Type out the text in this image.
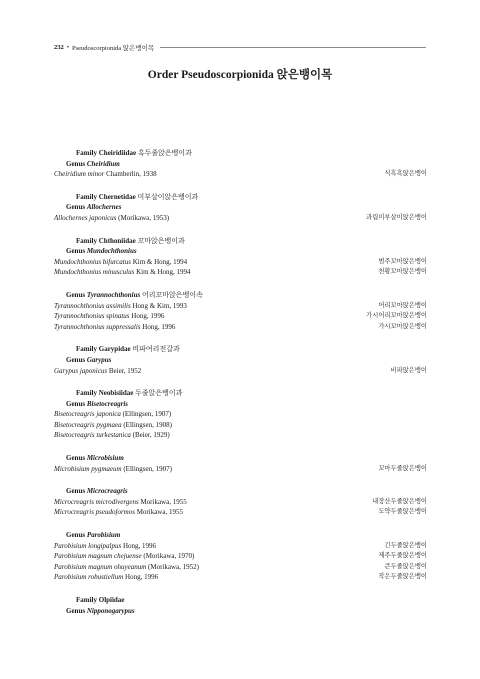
232 • Pseudoscorpionida 앉은뱅이목
Order Pseudoscorpionida 앉은뱅이목
Family Cheiridiidae 흑두줄앉은뱅이과
Genus Cheiridium
Cheiridium minor Chamberlin, 1938	식흑흑앉은뱅이
Family Chernetidae 미부살이앉은뱅이과
Genus Allochernes
Allochernes japonicus (Morikawa, 1953)	과립미부살이앉은뱅이
Family Chthoniidae 꼬마앉은뱅이과
Genus Mundochthonius
Mundochthonius bifurcatus Kim & Hong, 1994	범주꼬마앉은뱅이
Mundochthonius minusculus Kim & Hong, 1994	천황꼬마앉은뱅이
Genus Tyrannochthonius 어리꼬마앉은뱅이속
Tyrannochthonius assimilis Hong & Kim, 1993	어리꼬마앉은뱅이
Tyrannochthonius spinatus Hong, 1996	가시어리꼬마앉은뱅이
Tyrannochthonius suppressalis Hong, 1996	가시꼬마앉은뱅이
Family Garypidae 비파여리전갈과
Genus Garypus
Garypus japonicus Beier, 1952	비파앉은뱅이
Family Neobisiidae 두줄앉은뱅이과
Genus Bisetocreagris
Bisetocreagris japonica (Ellingsen, 1907)
Bisetocreagris pygmaea (Ellingsen, 1908)
Bisetocreagris turkestanica (Beier, 1929)
Genus Microbisium
Microbisium pygmaeum (Ellingsen, 1907)	꼬마두줄앉은뱅이
Genus Microcreagris
Microcreagris microdivergens Morikawa, 1955	내장산두줄앉은뱅이
Microcreagris pseudoformos Morikawa, 1955	도약두줄앉은뱅이
Genus Parobisium
Parobisium longipalpus Hong, 1996	긴두줄앉은뱅이
Parobisium magnum chejuense (Morikawa, 1970)	제주두줄앉은뱅이
Parobisium magnum ohuyeanum (Morikawa, 1952)	큰두줄앉은뱅이
Parobisium robustiellum Hong, 1996	작은두줄앉은뱅이
Family Olpiidae
Genus Nipponogarypus
